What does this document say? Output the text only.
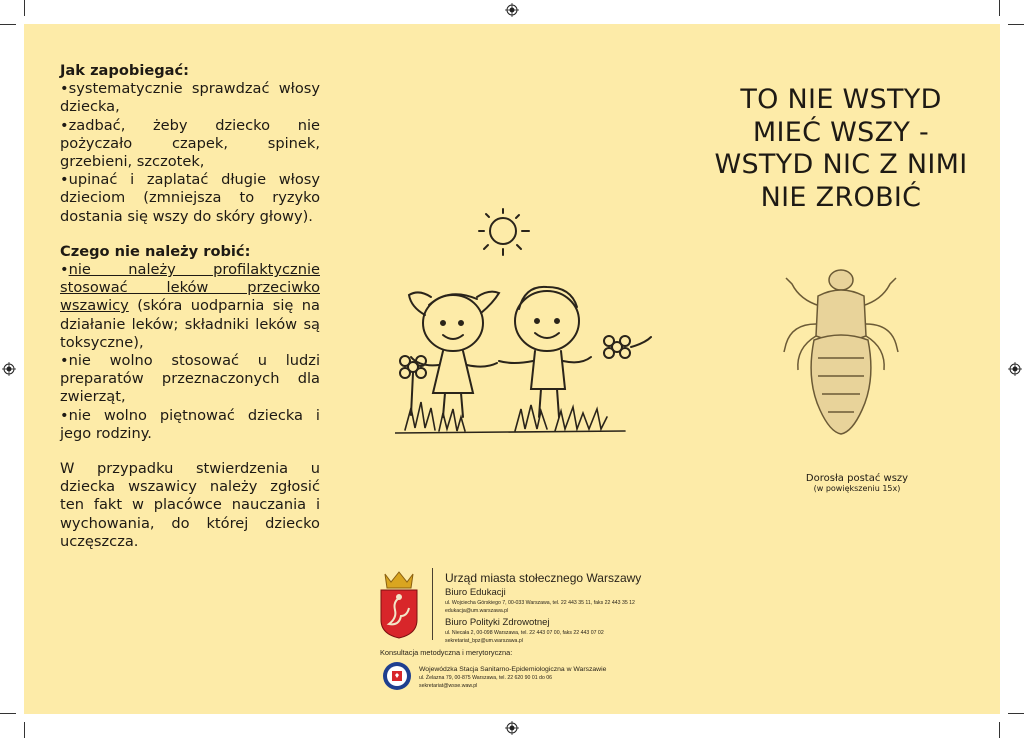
Jak zapobiegać:

•systematycznie sprawdzać włosy dziecka,

•zadbać, żeby dziecko nie pożyczało czapek, spinek, grzebieni, szczotek,

•upinać i zaplatać długie włosy dzieciom (zmniejsza to ryzyko dostania się wszy do skóry głowy).

Czego nie należy robić:

•nie należy profilaktycznie stosować leków przeciwko wszawicy (skóra uodparnia się na działanie leków; składniki leków są toksyczne),

•nie wolno stosować u ludzi preparatów przeznaczonych dla zwierząt,

•nie wolno piętnować dziecka i jego rodziny.

W przypadku stwierdzenia u dziecka wszawicy należy zgłosić ten fakt w placówce nauczania i wychowania, do której dziecko uczęszcza.

TO NIE WSTYD
MIEĆ WSZY -
WSTYD NIC Z NIMI
NIE ZROBIĆ
Dorosła postać wszy
(w powiększeniu 15x)
Urząd miasta stołecznego Warszawy
Biuro Edukacji
ul. Wojciecha Górskiego 7, 00-033 Warszawa, tel. 22 443 35 11, faks 22 443 35 12
edukacja@um.warszawa.pl
Biuro Polityki Zdrowotnej
ul. Niecała 2, 00-098 Warszawa, tel. 22 443 07 00, faks 22 443 07 02
sekretariat_bpz@um.warszawa.pl
Konsultacja metodyczna i merytoryczna:
Wojewódzka Stacja Sanitarno-Epidemiologiczna w Warszawie
ul. Żelazna 79, 00-875 Warszawa, tel. 22 620 90 01 do 06
sekretariat@wsse.waw.pl
